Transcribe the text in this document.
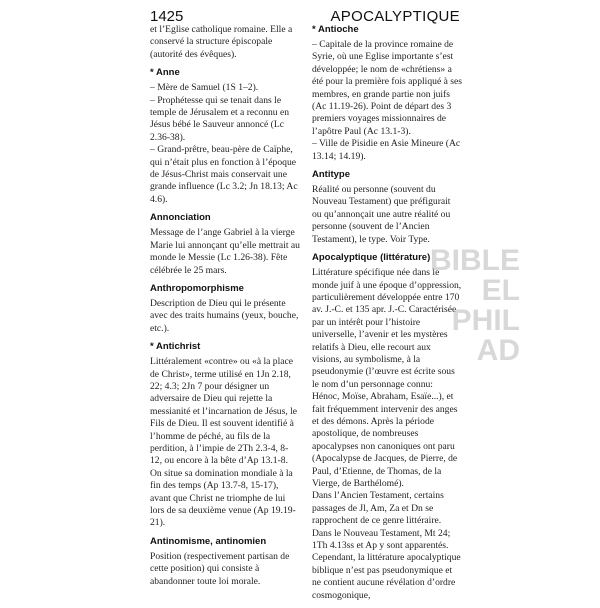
1425	APOCALYPTIQUE
et l’Eglise catholique romaine. Elle a conservé la structure épiscopale (autorité des évêques).
* Anne
– Mère de Samuel (1S 1–2).
– Prophétesse qui se tenait dans le temple de Jérusalem et a reconnu en Jésus bébé le Sauveur annoncé (Lc 2.36-38).
– Grand-prêtre, beau-père de Caïphe, qui n’était plus en fonction à l’époque de Jésus-Christ mais conservait une grande influence (Lc 3.2; Jn 18.13; Ac 4.6).
Annonciation
Message de l’ange Gabriel à la vierge Marie lui annonçant qu’elle mettrait au monde le Messie (Lc 1.26-38). Fête célébrée le 25 mars.
Anthropomorphisme
Description de Dieu qui le présente avec des traits humains (yeux, bouche, etc.).
* Antichrist
Littéralement «contre» ou «à la place de Christ», terme utilisé en 1Jn 2.18, 22; 4.3; 2Jn 7 pour désigner un adversaire de Dieu qui rejette la messianité et l’incarnation de Jésus, le Fils de Dieu. Il est souvent identifié à l’homme de péché, au fils de la perdition, à l’impie de 2Th 2.3-4, 8-12, ou encore à la bête d’Ap 13.1-8. On situe sa domination mondiale à la fin des temps (Ap 13.7-8, 15-17), avant que Christ ne triomphe de lui lors de sa deuxième venue (Ap 19.19-21).
Antinomisme, antinomien
Position (respectivement partisan de cette position) qui consiste à abandonner toute loi morale.
* Antioche
– Capitale de la province romaine de Syrie, où une Eglise importante s’est développée; le nom de «chrétiens» a été pour la première fois appliqué à ses membres, en grande partie non juifs (Ac 11.19-26). Point de départ des 3 premiers voyages missionnaires de l’apôtre Paul (Ac 13.1-3).
– Ville de Pisidie en Asie Mineure (Ac 13.14; 14.19).
Antitype
Réalité ou personne (souvent du Nouveau Testament) que préfigurait ou qu’annonçait une autre réalité ou personne (souvent de l’Ancien Testament), le type. Voir Type.
Apocalyptique (littérature)
Littérature spécifique née dans le monde juif à une époque d’oppression, particulièrement développée entre 170 av. J.-C. et 135 apr. J.-C. Caractérisée par un intérêt pour l’histoire universelle, l’avenir et les mystères relatifs à Dieu, elle recourt aux visions, au symbolisme, à la pseudonymie (l’œuvre est écrite sous le nom d’un personnage connu: Hénoc, Moïse, Abraham, Esaïe...), et fait fréquemment intervenir des anges et des démons. Après la période apostolique, de nombreuses apocalypses non canoniques ont paru (Apocalypse de Jacques, de Pierre, de Paul, d’Etienne, de Thomas, de la Vierge, de Barthélomé).
Dans l’Ancien Testament, certains passages de Jl, Am, Za et Dn se rapprochent de ce genre littéraire. Dans le Nouveau Testament, Mt 24; 1Th 4.13ss et Ap y sont apparentés. Cependant, la littérature apocalyptique biblique n’est pas pseudonymique et ne contient aucune révélation d’ordre cosmogonique,
BIBLE
EL
PHIL
AD
